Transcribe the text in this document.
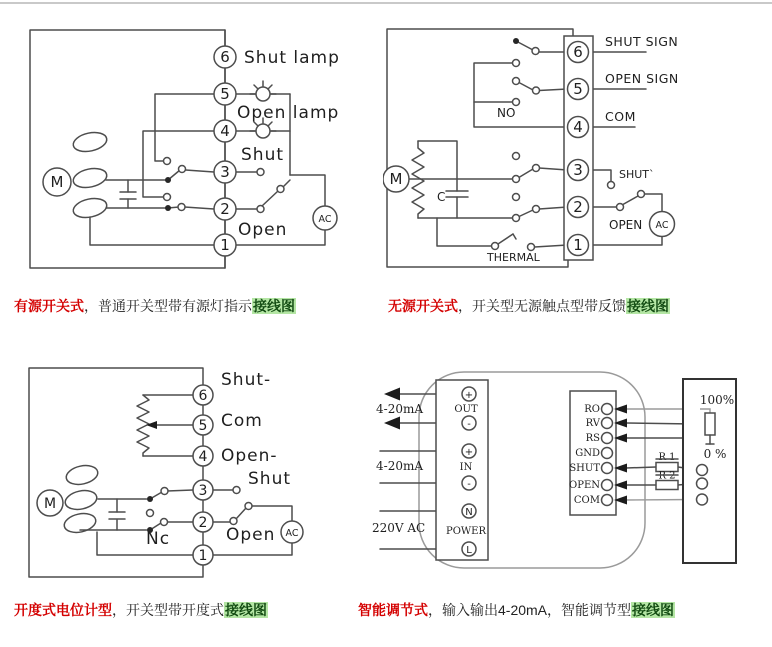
M
AC
6
5
4
3
2
1
Shut lamp
Open lamp
Shut
Open
C
M
AC
6
5
4
3
2
1
SHUT SIGN
OPEN SIGN
COM
SHUT`
OPEN
NO
THERMAL
M
AC
6
5
4
3
2
1
Shut-
Com
Open-
Shut
Open
Nc
+
-
+
-
N
L
OUT
IN
POWER
4-20mA
4-20mA
220V AC
RO
RV
RS
GND
SHUT
OPEN
COM
R 1
R 2
100%
0 %
有源开关式，普通开关型带有源灯指示接线图	无源开关式，开关型无源触点型带反馈接线图
开度式电位计型，开关型带开度式接线图	智能调节式，输入输出4-20mA，智能调节型接线图
